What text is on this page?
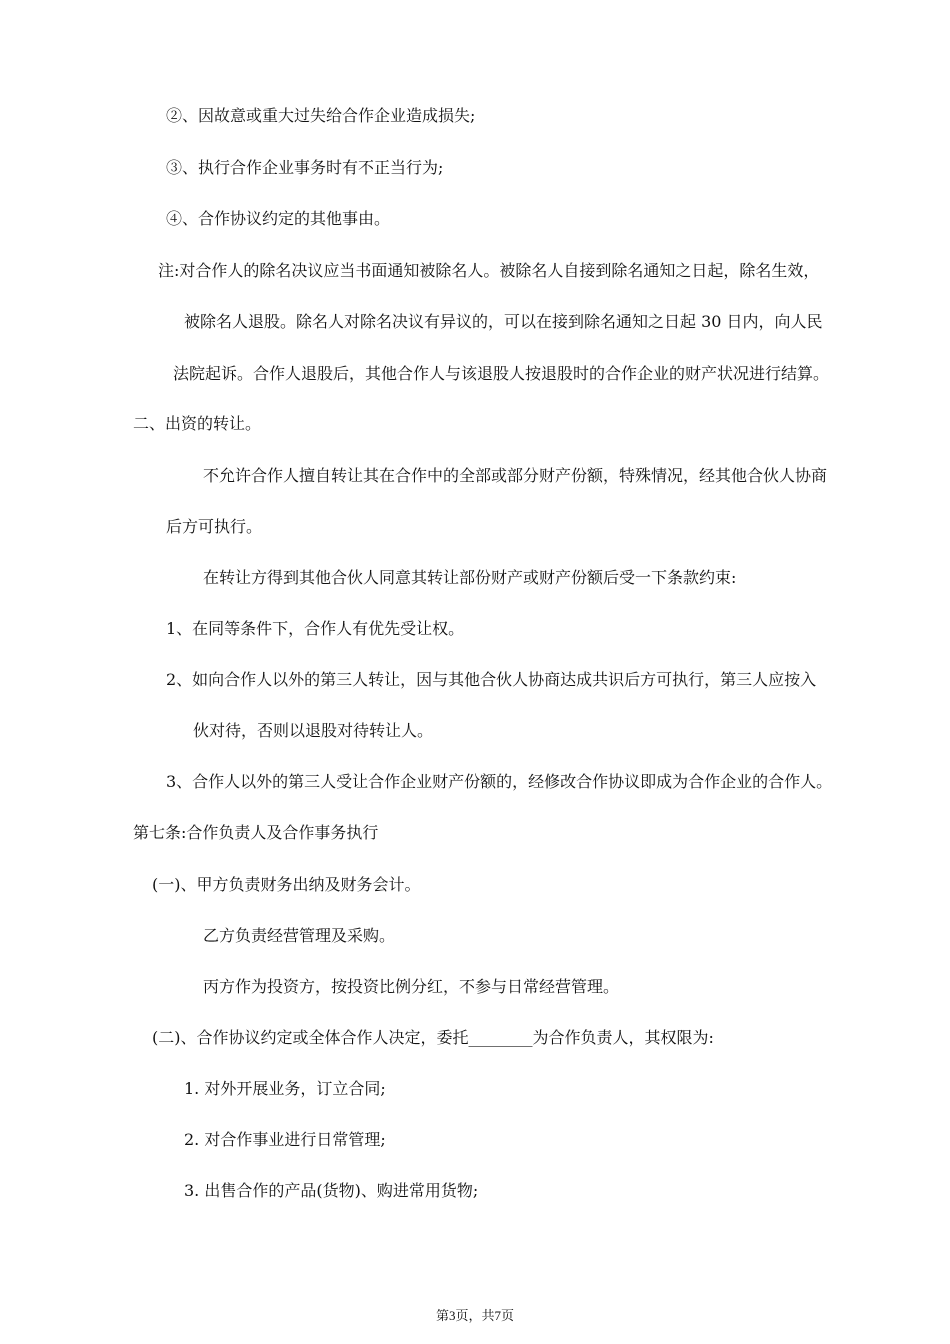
②、因故意或重大过失给合作企业造成损失;

③、执行合作企业事务时有不正当行为;

④、合作协议约定的其他事由。

注:对合作人的除名决议应当书面通知被除名人。被除名人自接到除名通知之日起，除名生效，

被除名人退股。除名人对除名决议有异议的，可以在接到除名通知之日起 30 日内，向人民

法院起诉。合作人退股后，其他合作人与该退股人按退股时的合作企业的财产状况进行结算。

二、出资的转让。

不允许合作人擅自转让其在合作中的全部或部分财产份额，特殊情况，经其他合伙人协商

后方可执行。

在转让方得到其他合伙人同意其转让部份财产或财产份额后受一下条款约束:

1、在同等条件下，合作人有优先受让权。

2、如向合作人以外的第三人转让，因与其他合伙人协商达成共识后方可执行，第三人应按入

伙对待，否则以退股对待转让人。

3、合作人以外的第三人受让合作企业财产份额的，经修改合作协议即成为合作企业的合作人。

第七条:合作负责人及合作事务执行

(一)、甲方负责财务出纳及财务会计。

乙方负责经营管理及采购。

丙方作为投资方，按投资比例分红，不参与日常经营管理。

(二)、合作协议约定或全体合作人决定，委托________为合作负责人，其权限为:

1. 对外开展业务，订立合同;

2. 对合作事业进行日常管理;

3. 出售合作的产品(货物)、购进常用货物;

第3页，共7页
